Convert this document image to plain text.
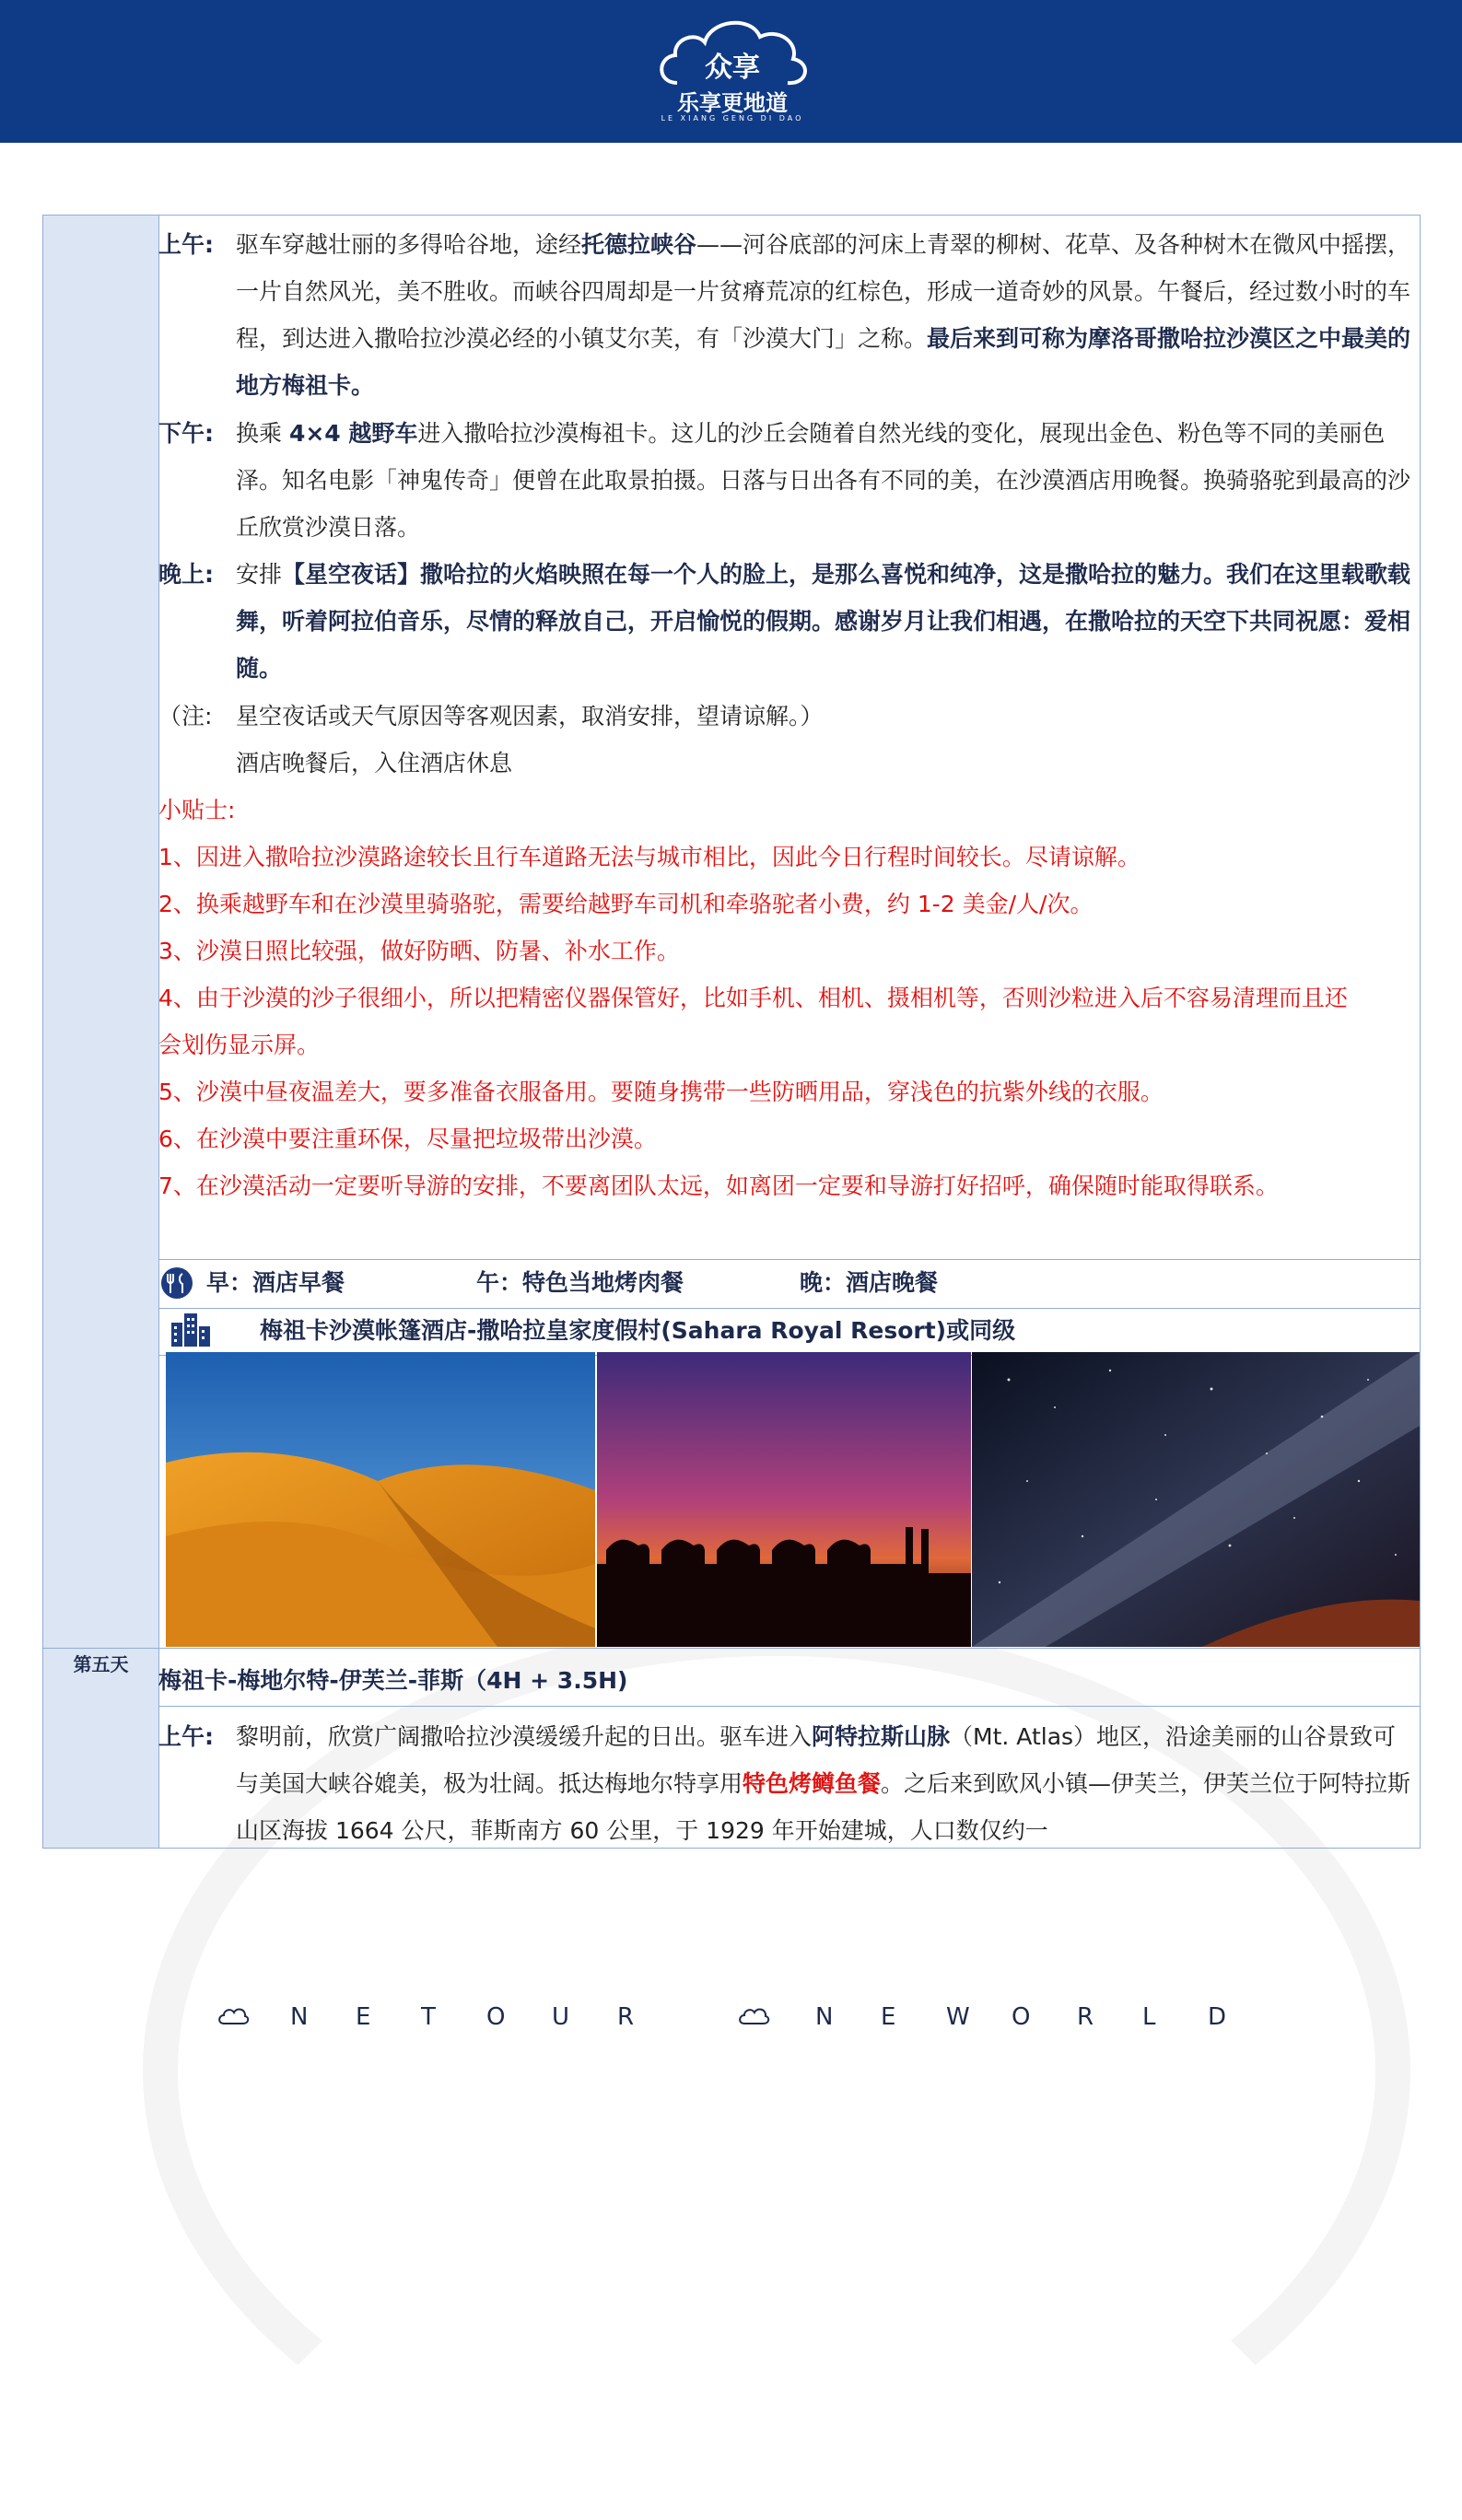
众享
乐享更地道
LE XIANG GENG DI DAO
第五天
上午: 驱车穿越壮丽的多得哈谷地，途经托德拉峡谷——河谷底部的河床上青翠的柳树、花草、及各种树木在微风中摇摆，一片自然风光，美不胜收。而峡谷四周却是一片贫瘠荒凉的红棕色，形成一道奇妙的风景。午餐后，经过数小时的车程，到达进入撒哈拉沙漠必经的小镇艾尔芙，有「沙漠大门」之称。最后来到可称为摩洛哥撒哈拉沙漠区之中最美的地方梅祖卡。
下午: 换乘 4×4 越野车进入撒哈拉沙漠梅祖卡。这儿的沙丘会随着自然光线的变化，展现出金色、粉色等不同的美丽色泽。知名电影「神鬼传奇」便曾在此取景拍摄。日落与日出各有不同的美，在沙漠酒店用晚餐。换骑骆驼到最高的沙丘欣赏沙漠日落。
晚上: 安排【星空夜话】撒哈拉的火焰映照在每一个人的脸上，是那么喜悦和纯净，这是撒哈拉的魅力。我们在这里载歌载舞，听着阿拉伯音乐，尽情的释放自己，开启愉悦的假期。感谢岁月让我们相遇，在撒哈拉的天空下共同祝愿：爱相随。
（注: 星空夜话或天气原因等客观因素，取消安排，望请谅解。）
酒店晚餐后，入住酒店休息
小贴士:
1、因进入撒哈拉沙漠路途较长且行车道路无法与城市相比，因此今日行程时间较长。尽请谅解。
2、换乘越野车和在沙漠里骑骆驼，需要给越野车司机和牵骆驼者小费，约 1-2 美金/人/次。
3、沙漠日照比较强，做好防晒、防暑、补水工作。
4、由于沙漠的沙子很细小，所以把精密仪器保管好，比如手机、相机、摄相机等，否则沙粒进入后不容易清理而且还会划伤显示屏。
5、沙漠中昼夜温差大，要多准备衣服备用。要随身携带一些防晒用品，穿浅色的抗紫外线的衣服。
6、在沙漠中要注重环保，尽量把垃圾带出沙漠。
7、在沙漠活动一定要听导游的安排，不要离团队太远，如离团一定要和导游打好招呼，确保随时能取得联系。
早：酒店早餐	午：特色当地烤肉餐	晚：酒店晚餐
梅祖卡沙漠帐篷酒店-撒哈拉皇家度假村(Sahara Royal Resort)或同级
梅祖卡-梅地尔特-伊芙兰-菲斯（4H + 3.5H)
上午: 黎明前，欣赏广阔撒哈拉沙漠缓缓升起的日出。驱车进入阿特拉斯山脉（Mt. Atlas）地区，沿途美丽的山谷景致可与美国大峡谷媲美，极为壮阔。抵达梅地尔特享用特色烤鳟鱼餐。之后来到欧风小镇—伊芙兰，伊芙兰位于阿特拉斯山区海拔 1664 公尺，菲斯南方 60 公里，于 1929 年开始建城，人口数仅约一
N E T O U R	N E W O R L D
